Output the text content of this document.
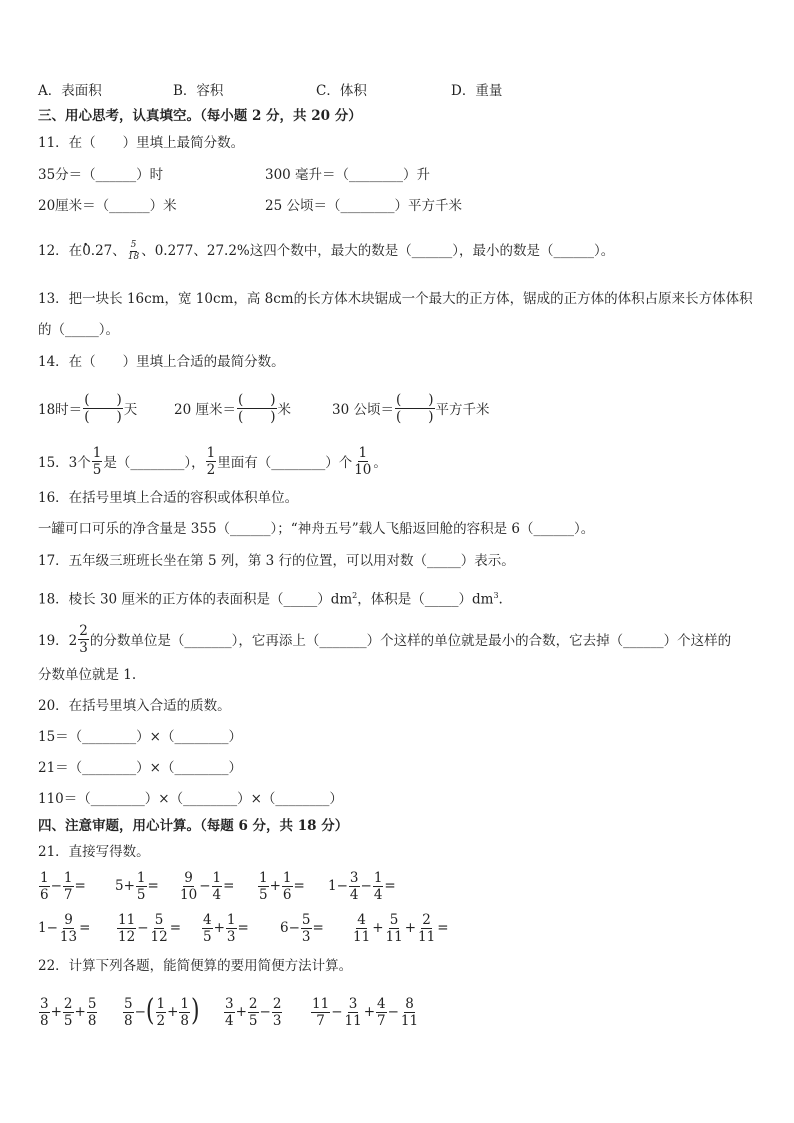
A．表面积	B．容积	C．体积	D．重量
三、用心思考，认真填空。（每小题 2 分，共 20 分）
11．在（　　）里填上最简分数。
35分＝（______）时	300 毫升＝（________）升
20厘米＝（______）米	25 公顷＝（________）平方千米
12．在· 0.27、 $\frac{5}{18}$ 、0.277、27.2%这四个数中，最大的数是（______），最小的数是（______）。
13．把一块长 16cm，宽 10cm，高 8cm的长方体木块锯成一个最大的正方体，锯成的正方体的体积占原来长方体体积
的（_____）。
14．在（　　）里填上合适的最简分数。
18时＝
(　　)
(　　) 天	20 厘米＝
(　　)
(　　) 米	30 公顷＝
(　　)
(　　) 平方千米
15．3个 $\frac{1}{5}$ 是（________）， $\frac{1}{2}$ 里面有（________）个 $\frac{1}{10}$ 。
16．在括号里填上合适的容积或体积单位。
一罐可口可乐的净含量是 355（______）；“神舟五号”载人飞船返回舱的容积是 6（______）。
17．五年级三班班长坐在第 5 列，第 3 行的位置，可以用对数（_____）表示。
18．棱长 30 厘米的正方体的表面积是$(\_\_\_\_\_)dm^2$，体积是$(\_\_\_\_\_)dm^3$.
19．$2 \frac{2}{3}$ 的分数单位是（_______），它再添上（_______）个这样的单位就是最小的合数，它去掉（______）个这样的
分数单位就是 1.
20．在括号里填入合适的质数。
15＝（________）×（________）
21＝（________）×（________）
110＝（________）×（________）×（________）
四、注意审题，用心计算。（每题 6 分，共 18 分）
21．直接写得数。
$\frac{1}{6} - \frac{1}{7} = 5 + \frac{1}{5} = \frac{9}{10} - \frac{1}{4} = \frac{1}{5} + \frac{1}{6} = 1 - \frac{3}{4} - \frac{1}{4}$ =
$1 - \frac{9}{13} = \frac{11}{12} - \frac{5}{12} = \frac{4}{5} + \frac{1}{3} = 6 - \frac{5}{3} = \frac{4}{11} + \frac{5}{11} + \frac{2}{11}$ =
22．计算下列各题，能简便算的要用简便方法计算。
$\frac{3}{8} + \frac{2}{5} + \frac{5}{8} \frac{5}{8}$ − ( $\frac{1}{2} + \frac{1}{8}$ ) $\frac{3}{4} + \frac{2}{5} - \frac{2}{3} \frac{11}{7} - \frac{3}{11} + \frac{4}{7} - \frac{8}{11}$
